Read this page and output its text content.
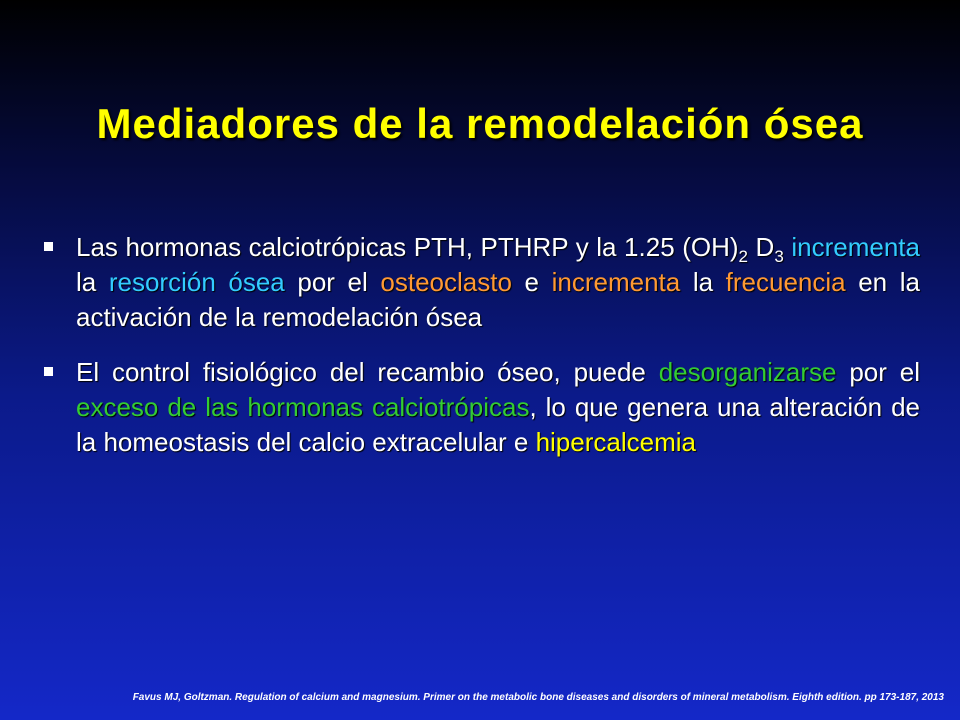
Mediadores de la remodelación ósea
Las hormonas calciotrópicas PTH, PTHRP y la 1.25 $(OH)_2$ $D_3$ incrementa la resorción ósea por el osteoclasto e incrementa la frecuencia en la activación de la remodelación ósea
El control fisiológico del recambio óseo, puede desorganizarse por el exceso de las hormonas calciotrópicas, lo que genera una alteración de la homeostasis del calcio extracelular e hipercalcemia
Favus MJ, Goltzman. Regulation of calcium and magnesium. Primer on the metabolic bone diseases and disorders of mineral metabolism. Eighth edition. pp 173-187, 2013
